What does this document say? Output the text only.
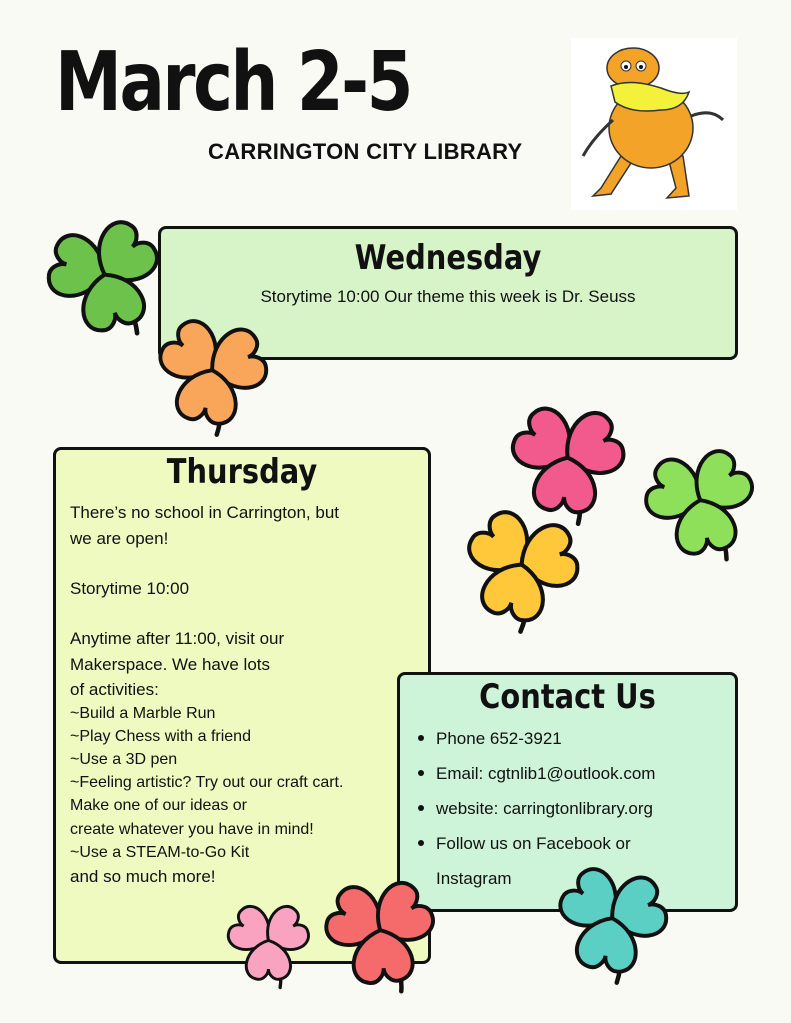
March 2-5
CARRINGTON CITY LIBRARY
Wednesday
Storytime 10:00 Our theme this week is Dr. Seuss
Thursday
There’s no school in Carrington, but
we are open!
Storytime 10:00
Anytime after 11:00, visit our
Makerspace. We have lots
of activities:
~Build a Marble Run
~Play Chess with a friend
~Use a 3D pen
~Feeling artistic? Try out our craft cart.
Make one of our ideas or
create whatever you have in mind!
~Use a STEAM-to-Go Kit
and so much more!
Contact Us
Phone 652-3921
Email: cgtnlib1@outlook.com
website: carringtonlibrary.org
Follow us on Facebook or
Instagram
